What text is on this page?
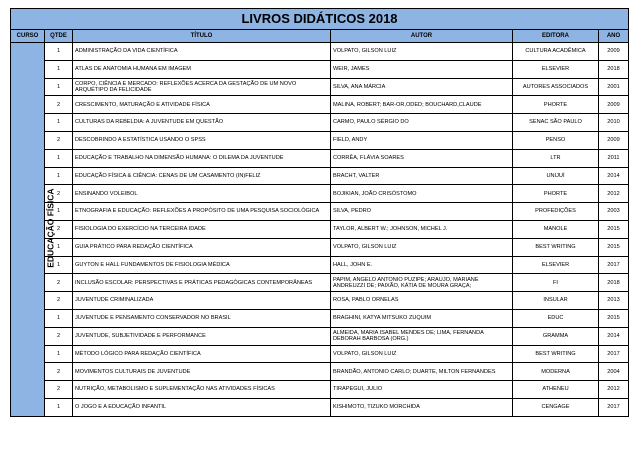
LIVROS DIDÁTICOS 2018					
CURSO	QTDE	TÍTULO	AUTOR	EDITORA	ANO
EDUCAÇÃO FÍSICA	1	ADMINISTRAÇÃO DA VIDA CIENTÍFICA	VOLPATO, GILSON LUIZ	CULTURA ACADÊMICA	2009
	1	ATLAS DE ANATOMIA HUMANA EM IMAGEM	WEIR, JAMES	ELSEVIER	2018
	1	CORPO, CIÊNCIA E MERCADO: REFLEXÕES ACERCA DA GESTAÇÃO DE UM NOVO ARQUÉTIPO DA FELICIDADE	SILVA, ANA MÁRCIA	AUTORES ASSOCIADOS	2001
	2	CRESCIMENTO, MATURAÇÃO E ATIVIDADE FÍSICA	MALINA, ROBERT; BAR-OR,ODED; BOUCHARD,CLAUDE	PHORTE	2009
	1	CULTURAS DA REBELDIA: A JUVENTUDE EM QUESTÃO	CARMO, PAULO SÉRGIO DO	SENAC SÃO PAULO	2010
	2	DESCOBRINDO A ESTATÍSTICA USANDO O SPSS	FIELD, ANDY	PENSO	2009
	1	EDUCAÇÃO E TRABALHO NA DIMENSÃO HUMANA: O DILEMA DA JUVENTUDE	CORRÊA, FLÁVIA SOARES	LTR	2011
	1	EDUCAÇÃO FÍSICA & CIÊNCIA: CENAS DE UM CASAMENTO (IN)FELIZ	BRACHT, VALTER	UNIJUÍ	2014
	2	ENSINANDO VOLEIBOL	BOJIKIAN, JOÃO CRISÓSTOMO	PHORTE	2012
	1	ETNOGRAFIA E EDUCAÇÃO: REFLEXÕES A PROPÓSITO DE UMA PESQUISA SOCIOLÓGICA	SILVA, PEDRO	PROFEDIÇÕES	2003
	2	FISIOLOGIA DO EXERCÍCIO NA TERCEIRA IDADE	TAYLOR, ALBERT W.; JOHNSON, MICHEL J.	MANOLE	2015
	1	GUIA PRÁTICO PARA REDAÇÃO CIENTÍFICA	VOLPATO, GILSON LUIZ	BEST WRITING	2015
	1	GUYTON E HALL FUNDAMENTOS DE FISIOLOGIA MÉDICA	HALL, JOHN E.	ELSEVIER	2017
	2	INCLUSÃO ESCOLAR: PERSPECTIVAS E PRÁTICAS PEDAGÓGICAS CONTEMPORÂNEAS	PAPIM, ANGELO ANTONIO PUZIPE; ARAUJO, MARIANE ANDREUZZI DE; PAIXÃO, KÁTIA DE MOURA GRAÇA;	FI	2018
	2	JUVENTUDE CRIMINALIZADA	ROSA, PABLO ORNELAS	INSULAR	2013
	1	JUVENTUDE E PENSAMENTO CONSERVADOR NO BRASIL	BRAGHINI, KATYA MITSUKO ZUQUIM	EDUC	2015
	2	JUVENTUDE, SUBJETIVIDADE E PERFORMANCE	ALMEIDA, MARIA ISABEL MENDES DE; LIMA, FERNANDA DEBORAH BARBOSA (ORG.)	GRAMMA	2014
	1	MÉTODO LÓGICO PARA REDAÇÃO CIENTÍFICA	VOLPATO, GILSON LUIZ	BEST WRITING	2017
	2	MOVIMENTOS CULTURAIS DE JUVENTUDE	BRANDÃO, ANTONIO CARLO; DUARTE, MILTON FERNANDES	MODERNA	2004
	2	NUTRIÇÃO, METABOLISMO E SUPLEMENTAÇÃO NAS ATIVIDADES FÍSICAS	TIRAPEGUI, JULIO	ATHENEU	2012
	1	O JOGO E A EDUCAÇÃO INFANTIL	KISHIMOTO, TIZUKO MORCHIDA	CENGAGE	2017
